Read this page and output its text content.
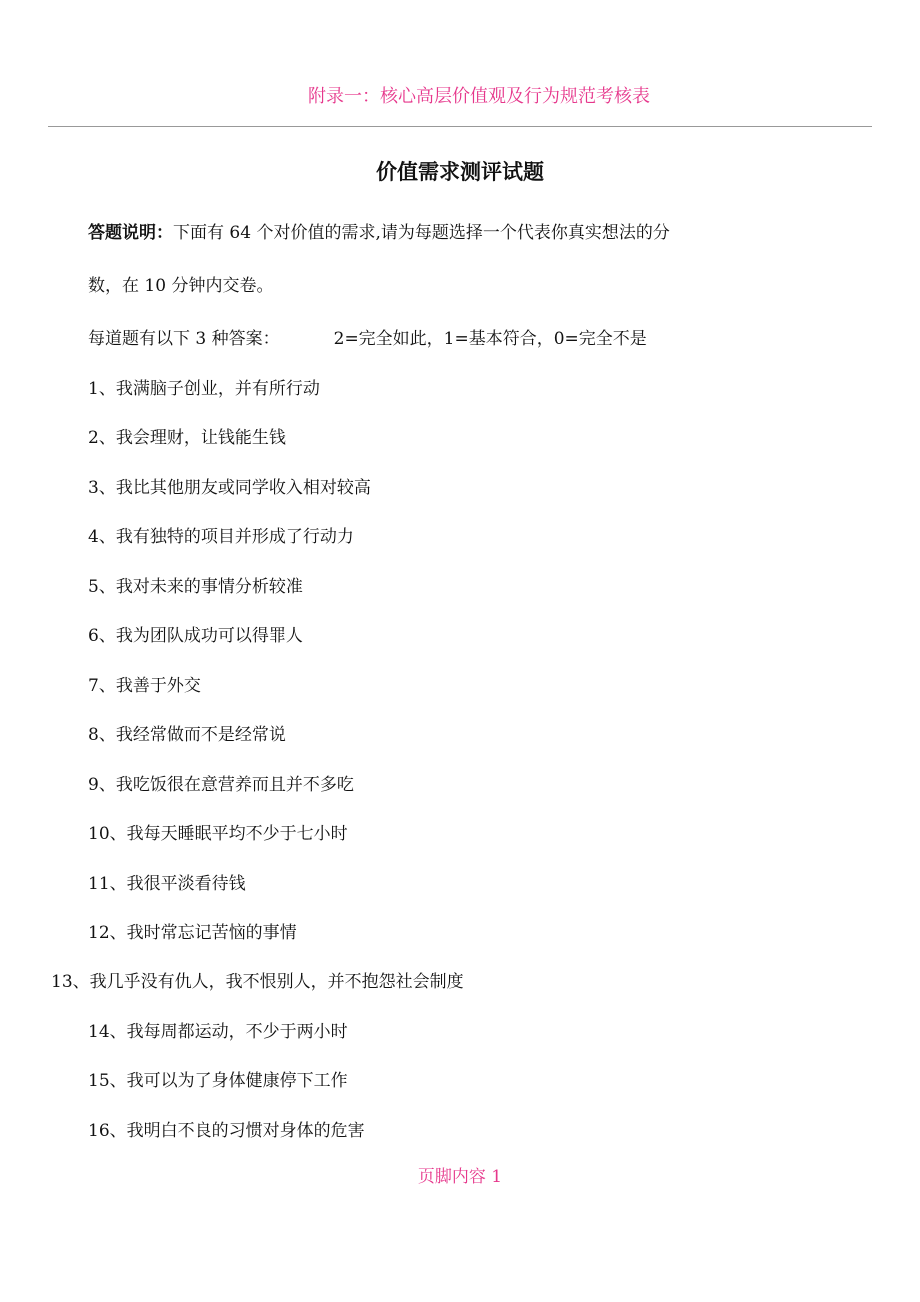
附录一：核心高层价值观及行为规范考核表
价值需求测评试题
答题说明：下面有 64 个对价值的需求,请为每题选择一个代表你真实想法的分
数，在 10 分钟内交卷。
每道题有以下 3 种答案：	2=完全如此，1=基本符合，0=完全不是
1、我满脑子创业，并有所行动
2、我会理财，让钱能生钱
3、我比其他朋友或同学收入相对较高
4、我有独特的项目并形成了行动力
5、我对未来的事情分析较准
6、我为团队成功可以得罪人
7、我善于外交
8、我经常做而不是经常说
9、我吃饭很在意营养而且并不多吃
10、我每天睡眠平均不少于七小时
11、我很平淡看待钱
12、我时常忘记苦恼的事情
13、我几乎没有仇人，我不恨别人，并不抱怨社会制度
14、我每周都运动，不少于两小时
15、我可以为了身体健康停下工作
16、我明白不良的习惯对身体的危害
页脚内容 1
